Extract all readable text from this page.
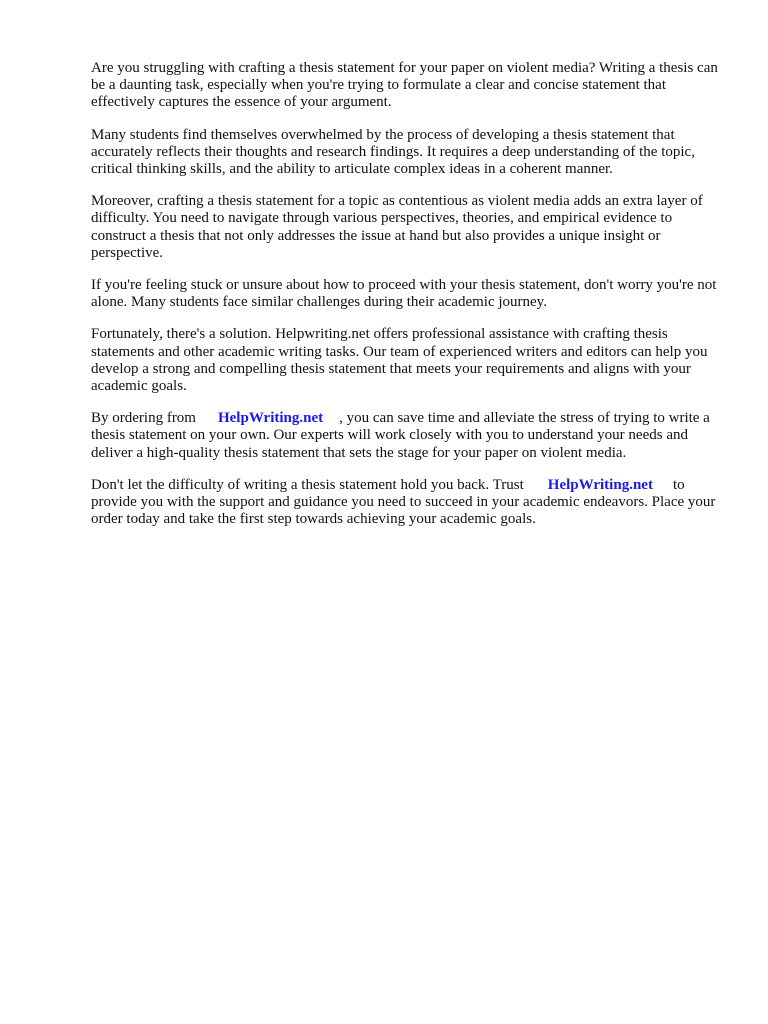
Are you struggling with crafting a thesis statement for your paper on violent media? Writing a thesis can be a daunting task, especially when you're trying to formulate a clear and concise statement that effectively captures the essence of your argument.

Many students find themselves overwhelmed by the process of developing a thesis statement that accurately reflects their thoughts and research findings. It requires a deep understanding of the topic, critical thinking skills, and the ability to articulate complex ideas in a coherent manner.

Moreover, crafting a thesis statement for a topic as contentious as violent media adds an extra layer of difficulty. You need to navigate through various perspectives, theories, and empirical evidence to construct a thesis that not only addresses the issue at hand but also provides a unique insight or perspective.

If you're feeling stuck or unsure about how to proceed with your thesis statement, don't worry you're not alone. Many students face similar challenges during their academic journey.

Fortunately, there's a solution. Helpwriting.net offers professional assistance with crafting thesis statements and other academic writing tasks. Our team of experienced writers and editors can help you develop a strong and compelling thesis statement that meets your requirements and aligns with your academic goals.

By ordering from HelpWriting.net , you can save time and alleviate the stress of trying to write a thesis statement on your own. Our experts will work closely with you to understand your needs and deliver a high-quality thesis statement that sets the stage for your paper on violent media.

Don't let the difficulty of writing a thesis statement hold you back. Trust HelpWriting.net to provide you with the support and guidance you need to succeed in your academic endeavors. Place your order today and take the first step towards achieving your academic goals.
